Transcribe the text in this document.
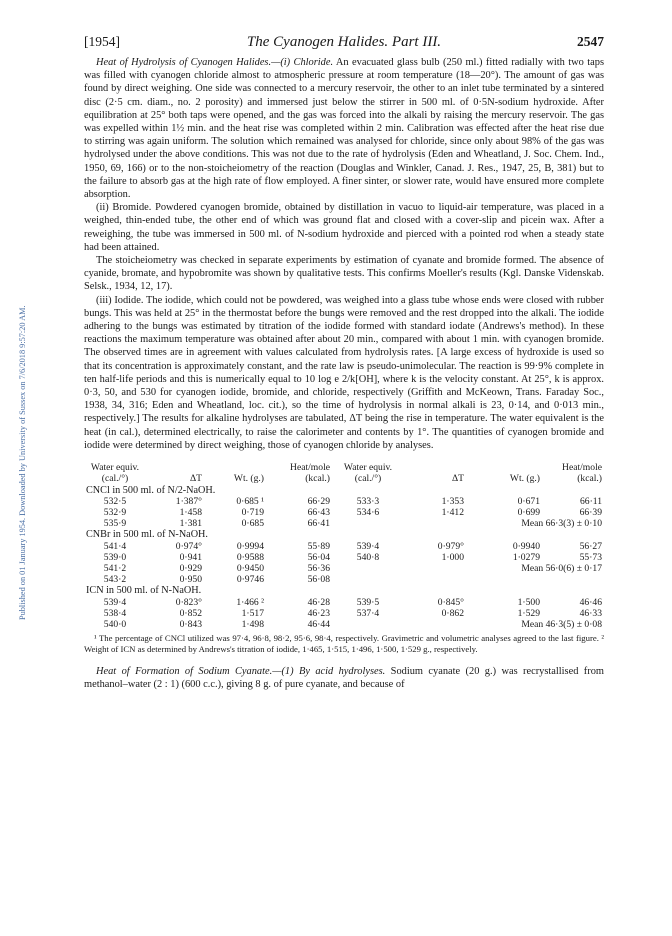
Published on 01 January 1954. Downloaded by University of Sussex on 7/6/2018 9:57:20 AM.
[1954]	The Cyanogen Halides. Part III.	2547

Heat of Hydrolysis of Cyanogen Halides.—(i) Chloride. An evacuated glass bulb (250 ml.) fitted radially with two taps was filled with cyanogen chloride almost to atmospheric pressure at room temperature (18—20°). The amount of gas was found by direct weighing. One side was connected to a mercury reservoir, the other to an inlet tube terminated by a sintered disc (2·5 cm. diam., no. 2 porosity) and immersed just below the stirrer in 500 ml. of 0·5N-sodium hydroxide. After equilibration at 25° both taps were opened, and the gas was forced into the alkali by raising the mercury reservoir. The gas was expelled within 1½ min. and the heat rise was completed within 2 min. Calibration was effected after the heat rise due to stirring was again uniform. The solution which remained was analysed for chloride, since only about 98% of the gas was hydrolysed under the above conditions. This was not due to the rate of hydrolysis (Eden and Wheatland, J. Soc. Chem. Ind., 1950, 69, 166) or to the non-stoicheiometry of the reaction (Douglas and Winkler, Canad. J. Res., 1947, 25, B, 381) but to the failure to absorb gas at the high rate of flow employed. A finer sinter, or slower rate, would have ensured more complete absorption.

(ii) Bromide. Powdered cyanogen bromide, obtained by distillation in vacuo to liquid-air temperature, was placed in a weighed, thin-ended tube, the other end of which was ground flat and closed with a cover-slip and picein wax. After a reweighing, the tube was immersed in 500 ml. of N-sodium hydroxide and pierced with a pointed rod when a steady state had been attained.

The stoicheiometry was checked in separate experiments by estimation of cyanate and bromide formed. The absence of cyanide, bromate, and hypobromite was shown by qualitative tests. This confirms Moeller's results (Kgl. Danske Videnskab. Selsk., 1934, 12, 17).

(iii) Iodide. The iodide, which could not be powdered, was weighed into a glass tube whose ends were closed with rubber bungs. This was held at 25° in the thermostat before the bungs were removed and the rest dropped into the alkali. The iodide adhering to the bungs was estimated by titration of the iodide formed with standard iodate (Andrews's method). In these reactions the maximum temperature was obtained after about 20 min., compared with about 1 min. with cyanogen bromide. The observed times are in agreement with values calculated from hydrolysis rates. [A large excess of hydroxide is used so that its concentration is approximately constant, and the rate law is pseudo-unimolecular. The reaction is 99·9% complete in ten half-life periods and this is numerically equal to 10 log e 2/k[OH], where k is the velocity constant. At 25°, k is approx. 0·3, 50, and 530 for cyanogen iodide, bromide, and chloride, respectively (Griffith and McKeown, Trans. Faraday Soc., 1938, 34, 316; Eden and Wheatland, loc. cit.), so the time of hydrolysis in normal alkali is 23, 0·14, and 0·013 min., respectively.] The results for alkaline hydrolyses are tabulated, ΔT being the rise in temperature. The water equivalent is the heat (in cal.), determined electrically, to raise the calorimeter and contents by 1°. The quantities of cyanogen bromide and iodide were determined by direct weighing, those of cyanogen chloride by analyses.

Water equiv.			Heat/mole	Water equiv.			Heat/mole
(cal./°)	ΔT	Wt. (g.)	(kcal.)	(cal./°)	ΔT	Wt. (g.)	(kcal.)
CNCl in 500 ml. of N/2-NaOH.							
532·5	1·387°	0·685 ¹	66·29	533·3	1·353	0·671	66·11
532·9	1·458	0·719	66·43	534·6	1·412	0·699	66·39
535·9	1·381	0·685	66·41			Mean 66·3(3) ± 0·10	
CNBr in 500 ml. of N-NaOH.							
541·4	0·974°	0·9994	55·89	539·4	0·979°	0·9940	56·27
539·0	0·941	0·9588	56·04	540·8	1·000	1·0279	55·73
541·2	0·929	0·9450	56·36			Mean 56·0(6) ± 0·17	
543·2	0·950	0·9746	56·08				
ICN in 500 ml. of N-NaOH.							
539·4	0·823°	1·466 ²	46·28	539·5	0·845°	1·500	46·46
538·4	0·852	1·517	46·23	537·4	0·862	1·529	46·33
540·0	0·843	1·498	46·44			Mean 46·3(5) ± 0·08	

¹ The percentage of CNCl utilized was 97·4, 96·8, 98·2, 95·6, 98·4, respectively. Gravimetric and volumetric analyses agreed to the last figure. ² Weight of ICN as determined by Andrews's titration of iodide, 1·465, 1·515, 1·496, 1·500, 1·529 g., respectively.

Heat of Formation of Sodium Cyanate.—(1) By acid hydrolyses. Sodium cyanate (20 g.) was recrystallised from methanol–water (2 : 1) (600 c.c.), giving 8 g. of pure cyanate, and because of
